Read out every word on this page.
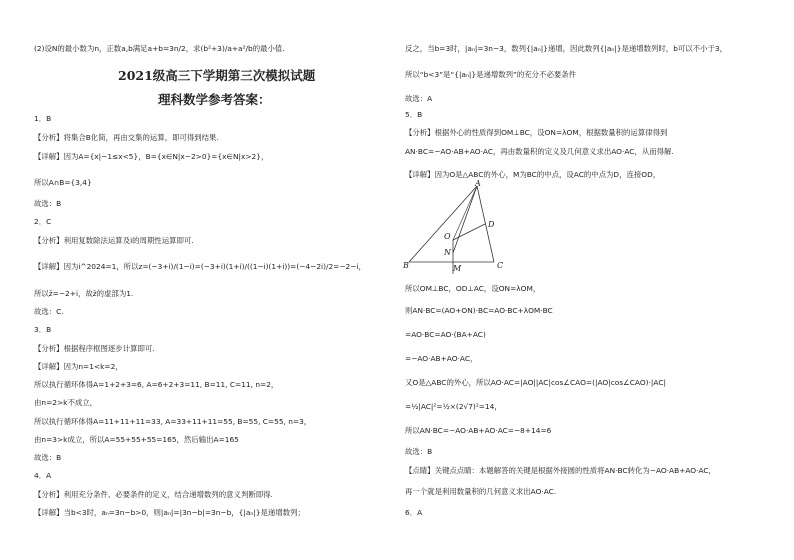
(2)设N的最小数为n，正数a,b满足a+b=3n/2，求(b²+3)/a+a²/b的最小值.
2021级高三下学期第三次模拟试题
理科数学参考答案：
1．B
【分析】将集合B化简，再由交集的运算，即可得到结果.
【详解】因为A={x|−1≤x<5}，B={x∈N|x−2>0}={x∈N|x>2}，
所以A∩B={3,4}
故选：B
2．C
【分析】利用复数除法运算及i的周期性运算即可.
【详解】因为i^2024=1，所以z=(−3+i)/(1−i)=(−3+i)(1+i)/((1−i)(1+i))=(−4−2i)/2=−2−i，
所以z̄=−2+i，故z̄的虚部为1.
故选：C.
3．B
【分析】根据程序框图逐步计算即可.
【详解】因为n=1<k=2，
所以执行循环体得A=1+2+3=6, A=6+2+3=11, B=11, C=11, n=2，
由n=2>k不成立，
所以执行循环体得A=11+11+11=33, A=33+11+11=55, B=55, C=55, n=3，
由n=3>k成立，所以A=55+55+55=165，然后输出A=165
故选：B
4．A
【分析】利用充分条件、必要条件的定义，结合递增数列的意义判断即得.
【详解】当b<3时，aₙ=3n−b>0，则|aₙ|=|3n−b|=3n−b，{|aₙ|}是递增数列；
反之，当b=3时，|aₙ|=3n−3，数列{|aₙ|}递增，因此数列{|aₙ|}是递增数列时，b可以不小于3，
所以“b<3”是“{|aₙ|}是递增数列”的充分不必要条件
故选：A
5．B
【分析】根据外心的性质得到OM⊥BC，设ON=λOM，根据数量积的运算律得到
AN·BC=−AO·AB+AO·AC，再由数量积的定义及几何意义求出AO·AC，从而得解.
【详解】因为O是△ABC的外心，M为BC的中点，设AC的中点为D，连接OD，
A
D
O
N
B	M	C
所以OM⊥BC，OD⊥AC，设ON=λOM，
则AN·BC=(AO+ON)·BC=AO·BC+λOM·BC
=AO·BC=AO·(BA+AC)
=−AO·AB+AO·AC，
又O是△ABC的外心，所以AO·AC=|AO||AC|cos∠CAO=(|AO|cos∠CAO)·|AC|
=½|AC|²=½×(2√7)²=14，
所以AN·BC=−AO·AB+AO·AC=−8+14=6
故选：B
【点睛】关键点点睛：本题解答的关键是根据外接圆的性质将AN·BC转化为−AO·AB+AO·AC，
再一个就是利用数量积的几何意义求出AO·AC.
6．A
